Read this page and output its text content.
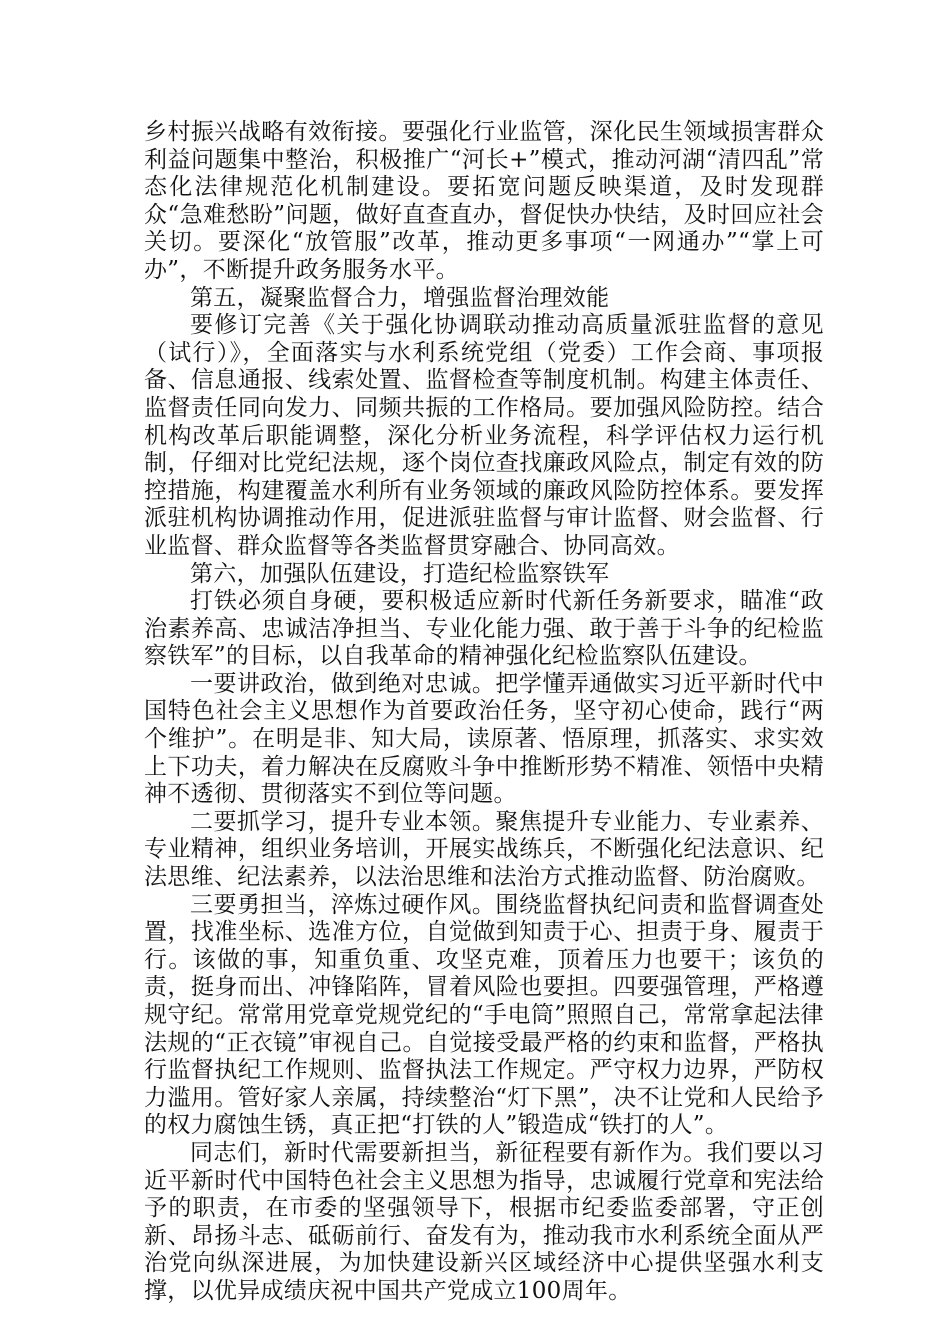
乡村振兴战略有效衔接。要强化行业监管，深化民生领域损害群众利益问题集中整治，积极推广“河长+”模式，推动河湖“清四乱”常态化法律规范化机制建设。要拓宽问题反映渠道，及时发现群众“急难愁盼”问题，做好直查直办，督促快办快结，及时回应社会关切。要深化“放管服”改革，推动更多事项“一网通办”“掌上可办”，不断提升政务服务水平。

第五，凝聚监督合力，增强监督治理效能

要修订完善《关于强化协调联动推动高质量派驻监督的意见（试行）》，全面落实与水利系统党组（党委）工作会商、事项报备、信息通报、线索处置、监督检查等制度机制。构建主体责任、监督责任同向发力、同频共振的工作格局。要加强风险防控。结合机构改革后职能调整，深化分析业务流程，科学评估权力运行机制，仔细对比党纪法规，逐个岗位查找廉政风险点，制定有效的防控措施，构建覆盖水利所有业务领域的廉政风险防控体系。要发挥派驻机构协调推动作用，促进派驻监督与审计监督、财会监督、行业监督、群众监督等各类监督贯穿融合、协同高效。

第六，加强队伍建设，打造纪检监察铁军

打铁必须自身硬，要积极适应新时代新任务新要求，瞄准“政治素养高、忠诚洁净担当、专业化能力强、敢于善于斗争的纪检监察铁军”的目标，以自我革命的精神强化纪检监察队伍建设。

一要讲政治，做到绝对忠诚。把学懂弄通做实习近平新时代中国特色社会主义思想作为首要政治任务，坚守初心使命，践行“两个维护”。在明是非、知大局，读原著、悟原理，抓落实、求实效上下功夫，着力解决在反腐败斗争中推断形势不精准、领悟中央精神不透彻、贯彻落实不到位等问题。

二要抓学习，提升专业本领。聚焦提升专业能力、专业素养、专业精神，组织业务培训，开展实战练兵，不断强化纪法意识、纪法思维、纪法素养，以法治思维和法治方式推动监督、防治腐败。

三要勇担当，淬炼过硬作风。围绕监督执纪问责和监督调查处置，找准坐标、选准方位，自觉做到知责于心、担责于身、履责于行。该做的事，知重负重、攻坚克难，顶着压力也要干；该负的责，挺身而出、冲锋陷阵，冒着风险也要担。四要强管理，严格遵规守纪。常常用党章党规党纪的“手电筒”照照自己，常常拿起法律法规的“正衣镜”审视自己。自觉接受最严格的约束和监督，严格执行监督执纪工作规则、监督执法工作规定。严守权力边界，严防权力滥用。管好家人亲属，持续整治“灯下黑”，决不让党和人民给予的权力腐蚀生锈，真正把“打铁的人”锻造成“铁打的人”。

同志们，新时代需要新担当，新征程要有新作为。我们要以习近平新时代中国特色社会主义思想为指导，忠诚履行党章和宪法给予的职责，在市委的坚强领导下，根据市纪委监委部署，守正创新、昂扬斗志、砥砺前行、奋发有为，推动我市水利系统全面从严治党向纵深进展，为加快建设新兴区域经济中心提供坚强水利支撑，以优异成绩庆祝中国共产党成立100周年。
